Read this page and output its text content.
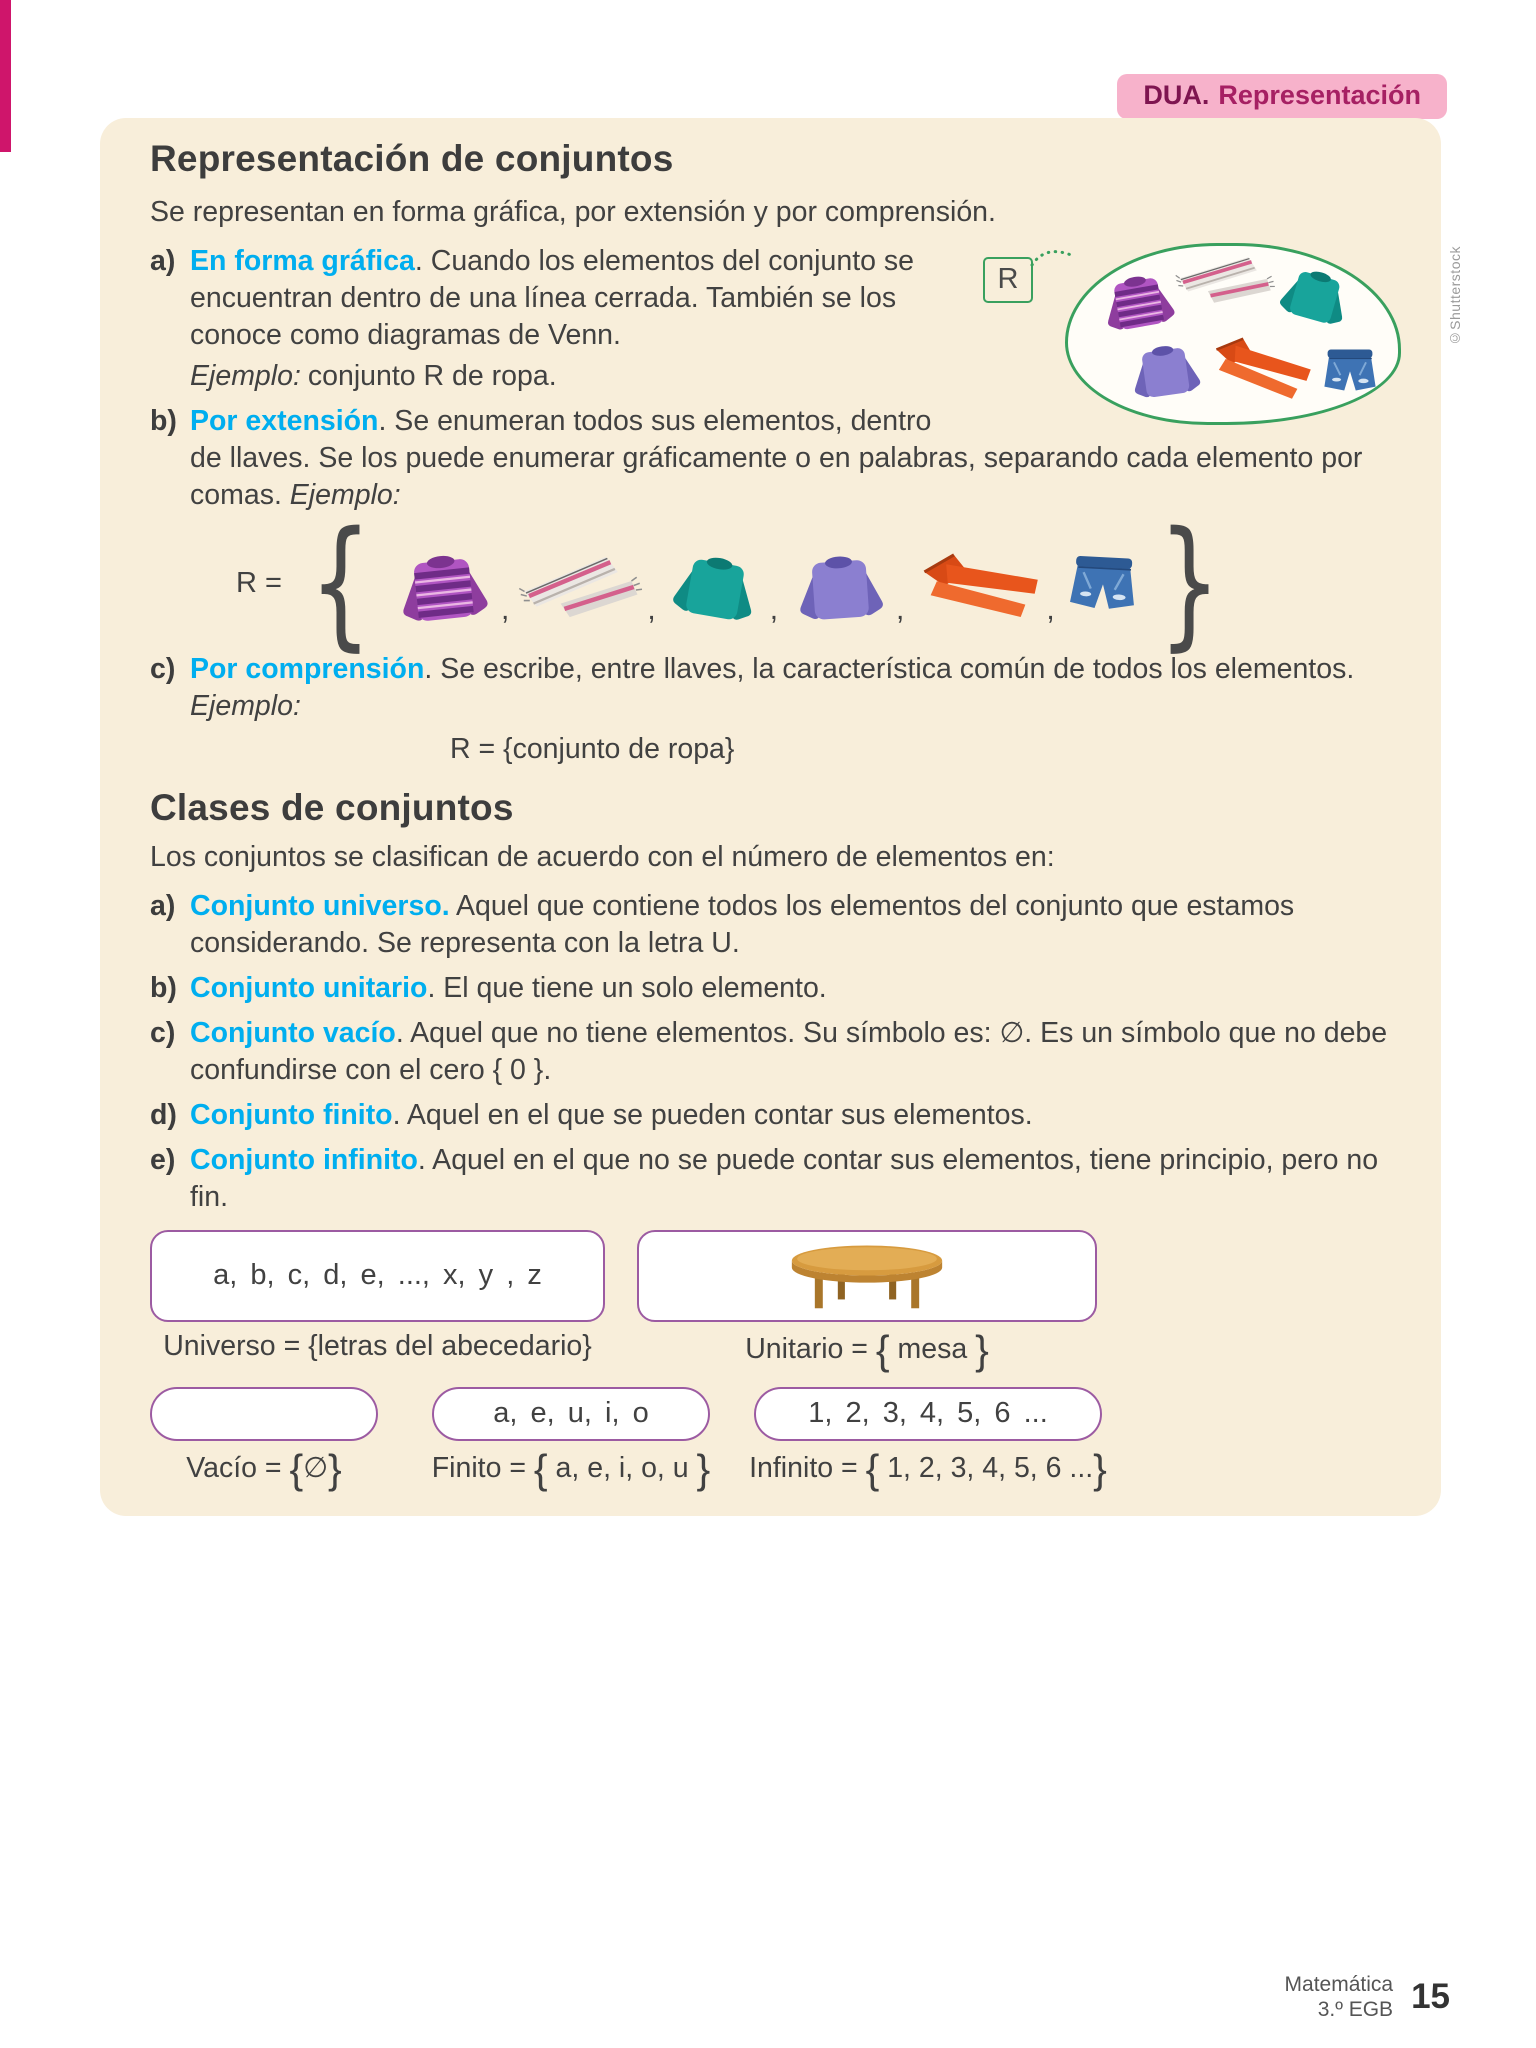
DUA. Representación
©Shutterstock
Representación de conjuntos

Se representan en forma gráfica, por extensión y por comprensión.

R
a) En forma gráfica. Cuando los elementos del conjunto se encuentran dentro de una línea cerrada. También se los conoce como diagramas de Venn.
Ejemplo: conjunto R de ropa.
b) Por extensión. Se enumeran todos sus elementos, dentro de llaves. Se los puede enumerar gráficamente o en palabras, separando cada elemento por comas. Ejemplo:
R = {	,	,	,	,	, }
c) Por comprensión. Se escribe, entre llaves, la característica común de todos los elementos. Ejemplo:
R = {conjunto de ropa}
Clases de conjuntos

Los conjuntos se clasifican de acuerdo con el número de elementos en:

a) Conjunto universo. Aquel que contiene todos los elementos del conjunto que estamos considerando. Se representa con la letra U.
b) Conjunto unitario. El que tiene un solo elemento.
c) Conjunto vacío. Aquel que no tiene elementos. Su símbolo es: ∅. Es un símbolo que no debe confundirse con el cero { 0 }.
d) Conjunto finito. Aquel en el que se pueden contar sus elementos.
e) Conjunto infinito. Aquel en el que no se puede contar sus elementos, tiene principio, pero no fin.
a, b, c, d, e, ..., x, y , z
Universo = {letras del abecedario}	Unitario = { mesa }
Vacío = {∅}
a, e, u, i, o
Finito = { a, e, i, o, u }
1, 2, 3, 4, 5, 6 ...
Infinito = { 1, 2, 3, 4, 5, 6 ...}
Matemática
3.º EGB 15
